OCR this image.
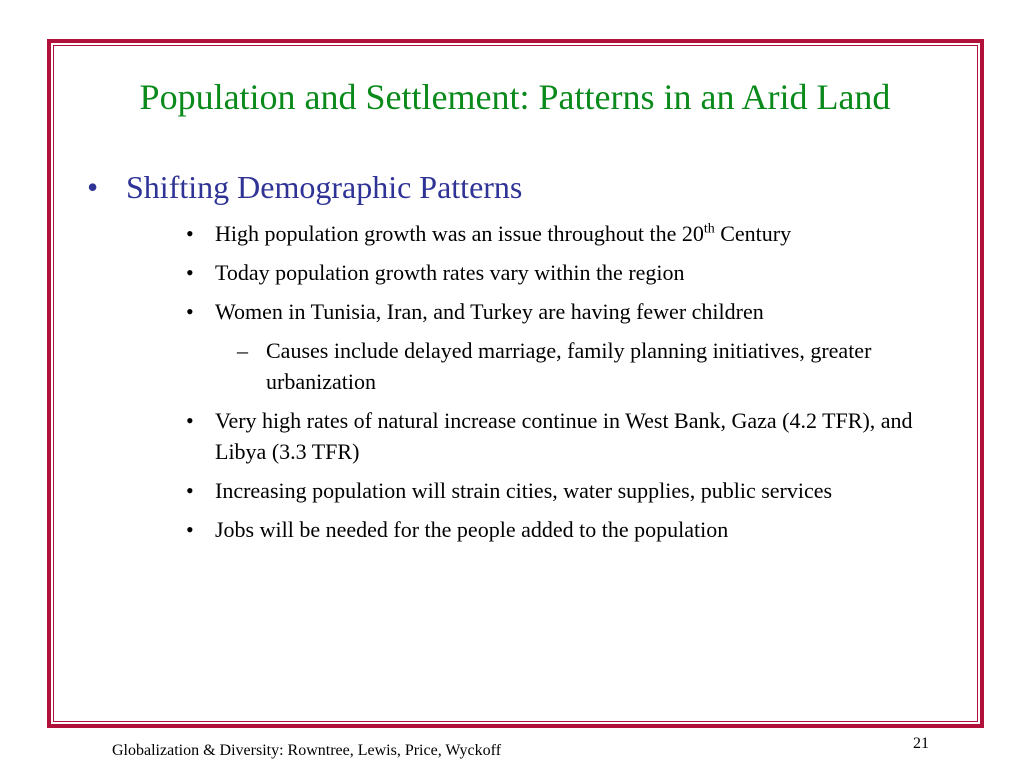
Population and Settlement: Patterns in an Arid Land
• Shifting Demographic Patterns
• High population growth was an issue throughout the 20th Century
• Today population growth rates vary within the region
• Women in Tunisia, Iran, and Turkey are having fewer children
– Causes include delayed marriage, family planning initiatives, greater urbanization
• Very high rates of natural increase continue in West Bank, Gaza (4.2 TFR), and Libya (3.3 TFR)
• Increasing population will strain cities, water supplies, public services
• Jobs will be needed for the people added to the population
Globalization & Diversity: Rowntree, Lewis, Price, Wyckoff	21
